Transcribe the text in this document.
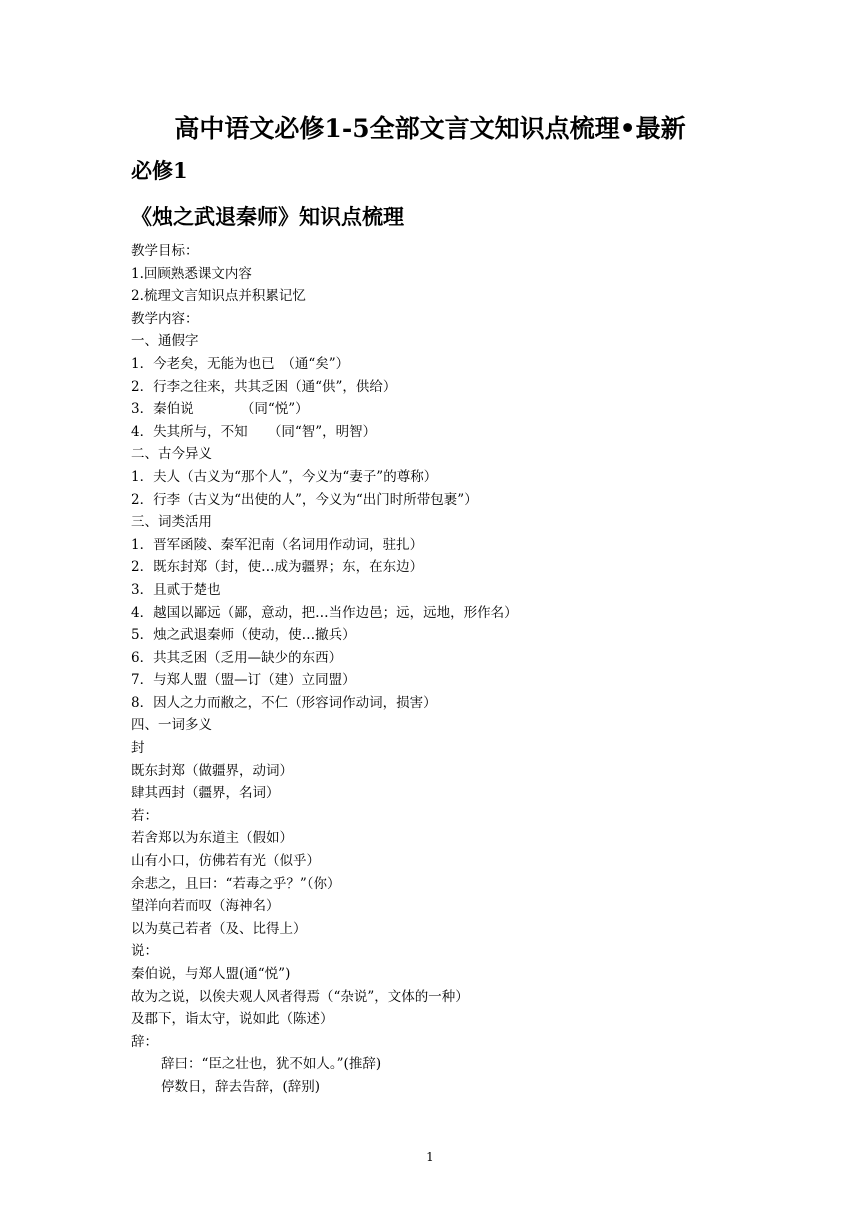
高中语文必修1-5全部文言文知识点梳理•最新
必修1
《烛之武退秦师》知识点梳理
教学目标：
1.回顾熟悉课文内容
2.梳理文言知识点并积累记忆
教学内容：
一、通假字
1．今老矣，无能为也已　（通“矣”）
2．行李之往来，共其乏困（通“供”，供给）
3．秦伯说　　　　（同“悦”）
4．失其所与，不知　　（同“智”，明智）
二、古今异义
1．夫人（古义为“那个人”，今义为“妻子”的尊称）
2．行李（古义为“出使的人”，今义为“出门时所带包裹”）
三、词类活用
1．晋军函陵、秦军汜南（名词用作动词，驻扎）
2．既东封郑（封，使…成为疆界；东，在东边）
3．且贰于楚也
4．越国以鄙远（鄙，意动，把…当作边邑；远，远地，形作名）
5．烛之武退秦师（使动，使…撤兵）
6．共其乏困（乏用—缺少的东西）
7．与郑人盟（盟—订（建）立同盟）
8．因人之力而敝之，不仁（形容词作动词，损害）
四、一词多义
封
既东封郑（做疆界，动词）
肆其西封（疆界，名词）
若：
若舍郑以为东道主（假如）
山有小口，仿佛若有光（似乎）
余悲之，且曰：“若毒之乎？”（你）
望洋向若而叹（海神名）
以为莫己若者（及、比得上）
说：
秦伯说，与郑人盟(通“悦”)
故为之说，以俟夫观人风者得焉（“杂说”，文体的一种）
及郡下，诣太守，说如此（陈述）
辞：
辞曰：“臣之壮也，犹不如人。”(推辞)
停数日，辞去告辞，(辞别)
1
